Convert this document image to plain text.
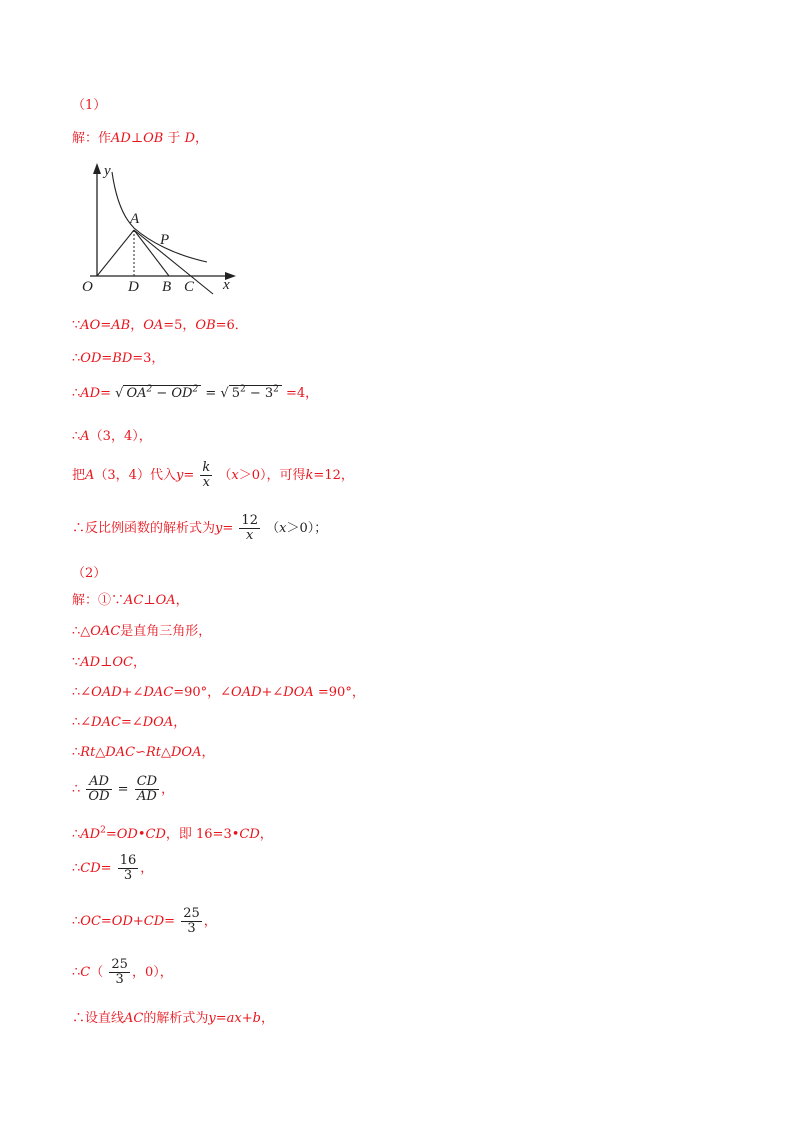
（1）
解：作AD⊥OB 于 D，
y
A
P
O D B C x
∵AO=AB，OA=5，OB=6．
∴OD=BD=3，
∴AD= √ $OA^2 - OD^2$ = √ $5^2 - 3^2 =4$，
∴A（3，4），
把A（3，4）代入$y= \frac{k}{x} (x>0)$，可得k=12，
∴反比例函数的解析式为$y= \frac{12}{x} (x>0)$；
（2）
解：①∵AC⊥OA，
∴△OAC是直角三角形，
∵AD⊥OC，
∴∠OAD+∠DAC=90°，∠OAD+∠DOA =90°，
∴∠DAC=∠DOA，
∴Rt△DAC∽Rt△DOA，
∴ $\frac{AD}{OD} = \frac{CD}{AD}$ ，
$\therefore AD^2=OD•CD$，即 16=3•CD，
∴CD= $\frac{16}{3}$ ，
∴OC=OD+CD= $\frac{25}{3}$ ，
∴C（ $\frac{25}{3}$ ，0），
∴设直线AC的解析式为y=ax+b，
